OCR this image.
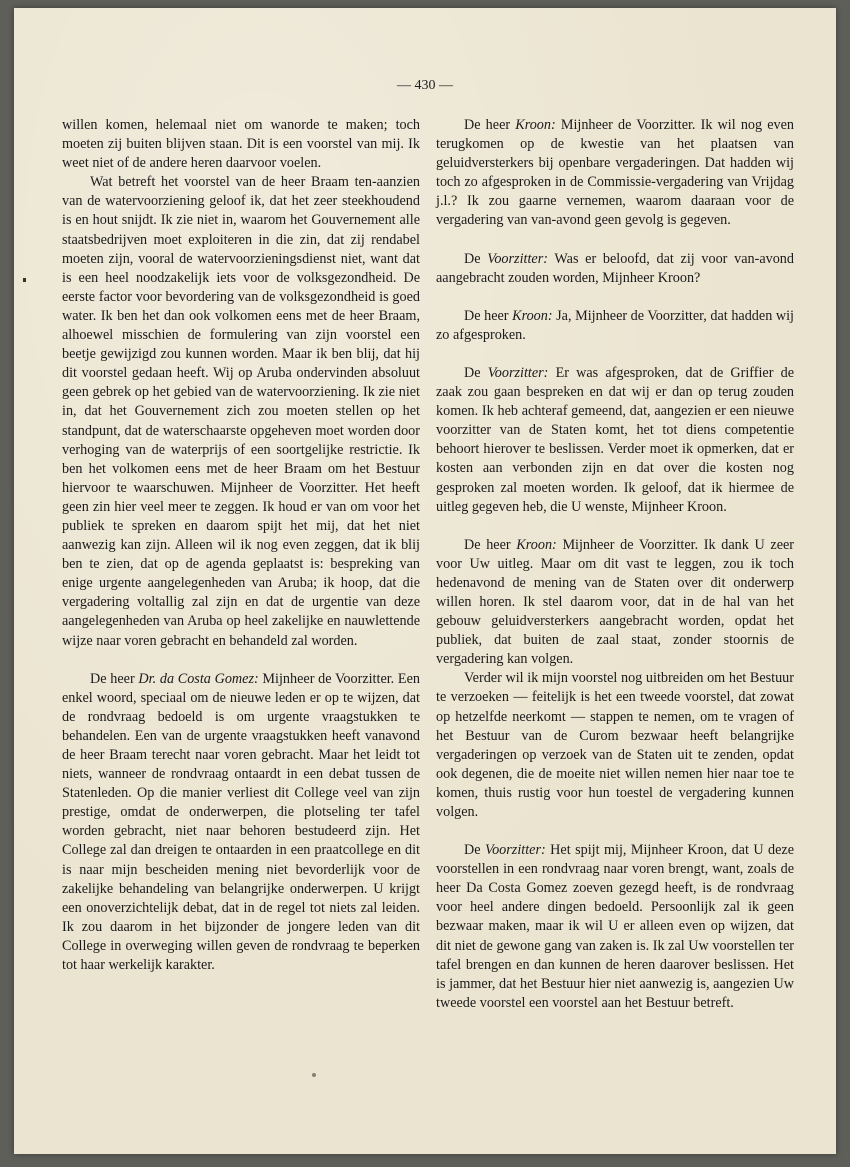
— 430 —

willen komen, helemaal niet om wanorde te maken; toch moeten zij buiten blijven staan. Dit is een voorstel van mij. Ik weet niet of de andere heren daarvoor voelen.

Wat betreft het voorstel van de heer Braam ten-aanzien van de watervoorziening geloof ik, dat het zeer steekhoudend is en hout snijdt. Ik zie niet in, waarom het Gouvernement alle staatsbedrijven moet exploiteren in die zin, dat zij rendabel moeten zijn, vooral de watervoorzieningsdienst niet, want dat is een heel noodzakelijk iets voor de volksgezondheid. De eerste factor voor bevordering van de volksgezondheid is goed water. Ik ben het dan ook volkomen eens met de heer Braam, alhoewel misschien de formulering van zijn voorstel een beetje gewijzigd zou kunnen worden. Maar ik ben blij, dat hij dit voorstel gedaan heeft. Wij op Aruba ondervinden absoluut geen gebrek op het gebied van de watervoorziening. Ik zie niet in, dat het Gouvernement zich zou moeten stellen op het standpunt, dat de waterschaarste opgeheven moet worden door verhoging van de waterprijs of een soortgelijke restrictie. Ik ben het volkomen eens met de heer Braam om het Bestuur hiervoor te waarschuwen. Mijnheer de Voorzitter. Het heeft geen zin hier veel meer te zeggen. Ik houd er van om voor het publiek te spreken en daarom spijt het mij, dat het niet aanwezig kan zijn. Alleen wil ik nog even zeggen, dat ik blij ben te zien, dat op de agenda geplaatst is: bespreking van enige urgente aangelegenheden van Aruba; ik hoop, dat die vergadering voltallig zal zijn en dat de urgentie van deze aangelegenheden van Aruba op heel zakelijke en nauwlettende wijze naar voren gebracht en behandeld zal worden.

De heer Dr. da Costa Gomez: Mijnheer de Voorzitter. Een enkel woord, speciaal om de nieuwe leden er op te wijzen, dat de rondvraag bedoeld is om urgente vraagstukken te behandelen. Een van de urgente vraagstukken heeft vanavond de heer Braam terecht naar voren gebracht. Maar het leidt tot niets, wanneer de rondvraag ontaardt in een debat tussen de Statenleden. Op die manier verliest dit College veel van zijn prestige, omdat de onderwerpen, die plotseling ter tafel worden gebracht, niet naar behoren bestudeerd zijn. Het College zal dan dreigen te ontaarden in een praatcollege en dit is naar mijn bescheiden mening niet bevorderlijk voor de zakelijke behandeling van belangrijke onderwerpen. U krijgt een onoverzichtelijk debat, dat in de regel tot niets zal leiden. Ik zou daarom in het bijzonder de jongere leden van dit College in overweging willen geven de rondvraag te beperken tot haar werkelijk karakter.

De heer Kroon: Mijnheer de Voorzitter. Ik wil nog even terugkomen op de kwestie van het plaatsen van geluidversterkers bij openbare vergaderingen. Dat hadden wij toch zo afgesproken in de Commissie-vergadering van Vrijdag j.l.? Ik zou gaarne vernemen, waarom daaraan voor de vergadering van van-avond geen gevolg is gegeven.

De Voorzitter: Was er beloofd, dat zij voor van-avond aangebracht zouden worden, Mijnheer Kroon?

De heer Kroon: Ja, Mijnheer de Voorzitter, dat hadden wij zo afgesproken.

De Voorzitter: Er was afgesproken, dat de Griffier de zaak zou gaan bespreken en dat wij er dan op terug zouden komen. Ik heb achteraf gemeend, dat, aangezien er een nieuwe voorzitter van de Staten komt, het tot diens competentie behoort hierover te beslissen. Verder moet ik opmerken, dat er kosten aan verbonden zijn en dat over die kosten nog gesproken zal moeten worden. Ik geloof, dat ik hiermee de uitleg gegeven heb, die U wenste, Mijnheer Kroon.

De heer Kroon: Mijnheer de Voorzitter. Ik dank U zeer voor Uw uitleg. Maar om dit vast te leggen, zou ik toch hedenavond de mening van de Staten over dit onderwerp willen horen. Ik stel daarom voor, dat in de hal van het gebouw geluidversterkers aangebracht worden, opdat het publiek, dat buiten de zaal staat, zonder stoornis de vergadering kan volgen.

Verder wil ik mijn voorstel nog uitbreiden om het Bestuur te verzoeken — feitelijk is het een tweede voorstel, dat zowat op hetzelfde neerkomt — stappen te nemen, om te vragen of het Bestuur van de Curom bezwaar heeft belangrijke vergaderingen op verzoek van de Staten uit te zenden, opdat ook degenen, die de moeite niet willen nemen hier naar toe te komen, thuis rustig voor hun toestel de vergadering kunnen volgen.

De Voorzitter: Het spijt mij, Mijnheer Kroon, dat U deze voorstellen in een rondvraag naar voren brengt, want, zoals de heer Da Costa Gomez zoeven gezegd heeft, is de rondvraag voor heel andere dingen bedoeld. Persoonlijk zal ik geen bezwaar maken, maar ik wil U er alleen even op wijzen, dat dit niet de gewone gang van zaken is. Ik zal Uw voorstellen ter tafel brengen en dan kunnen de heren daarover beslissen. Het is jammer, dat het Bestuur hier niet aanwezig is, aangezien Uw tweede voorstel een voorstel aan het Bestuur betreft.
